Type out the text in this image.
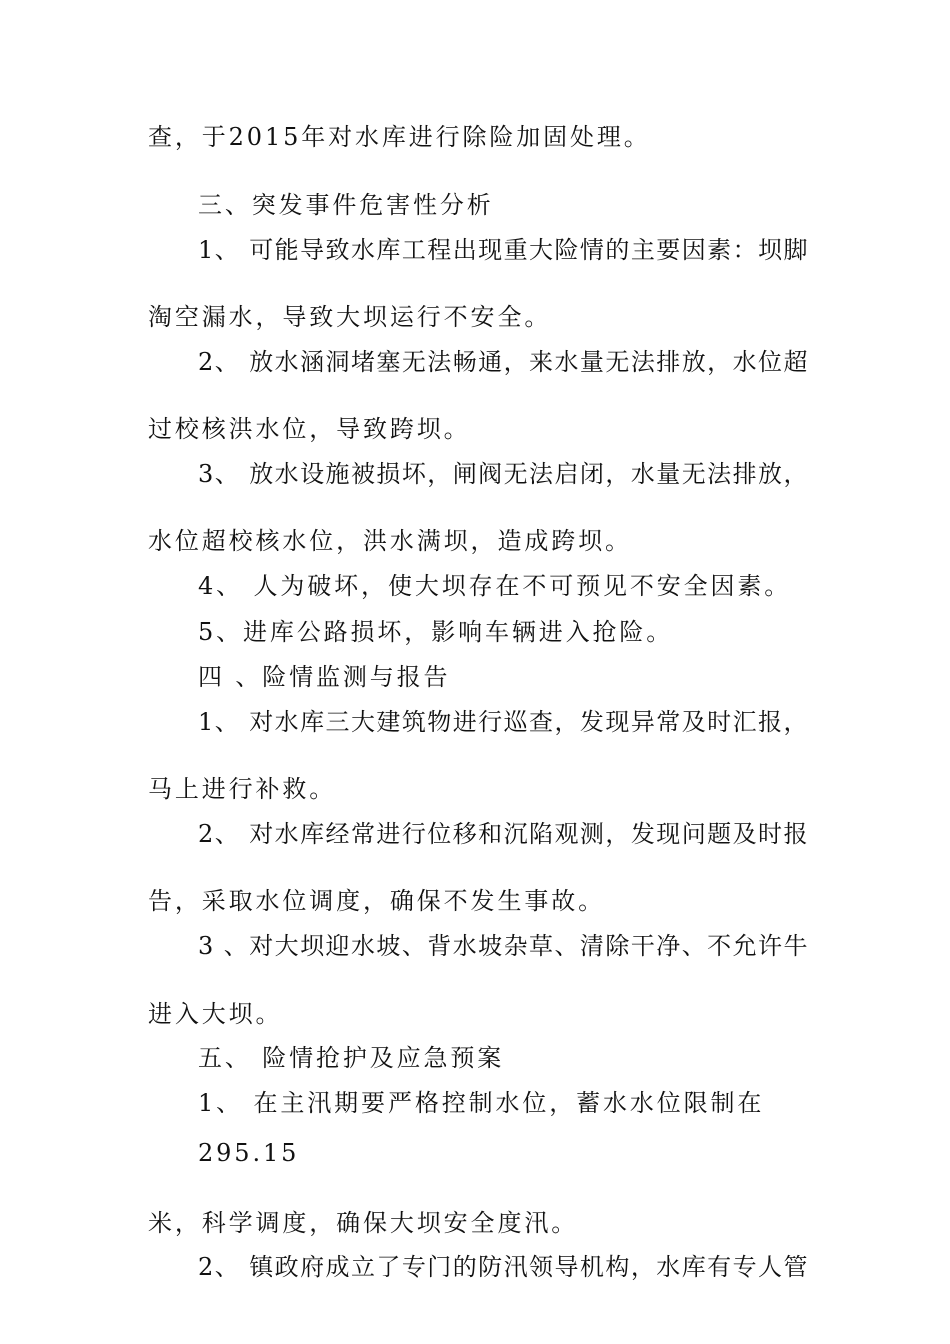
查，于2015年对水库进行除险加固处理。
三、突发事件危害性分析
1、 可能导致水库工程出现重大险情的主要因素：坝脚
淘空漏水，导致大坝运行不安全。
2、 放水涵洞堵塞无法畅通，来水量无法排放，水位超
过校核洪水位，导致跨坝。
3、 放水设施被损坏，闸阀无法启闭，水量无法排放，
水位超校核水位，洪水满坝，造成跨坝。
4、 人为破坏，使大坝存在不可预见不安全因素。
5、进库公路损坏，影响车辆进入抢险。
四 、险情监测与报告
1、 对水库三大建筑物进行巡查，发现异常及时汇报，
马上进行补救。
2、 对水库经常进行位移和沉陷观测，发现问题及时报
告，采取水位调度，确保不发生事故。
3 、对大坝迎水坡、背水坡杂草、清除干净、不允许牛
进入大坝。
五、 险情抢护及应急预案
1、 在主汛期要严格控制水位，蓄水水位限制在
295.15
米，科学调度，确保大坝安全度汛。
2、 镇政府成立了专门的防汛领导机构，水库有专人管
